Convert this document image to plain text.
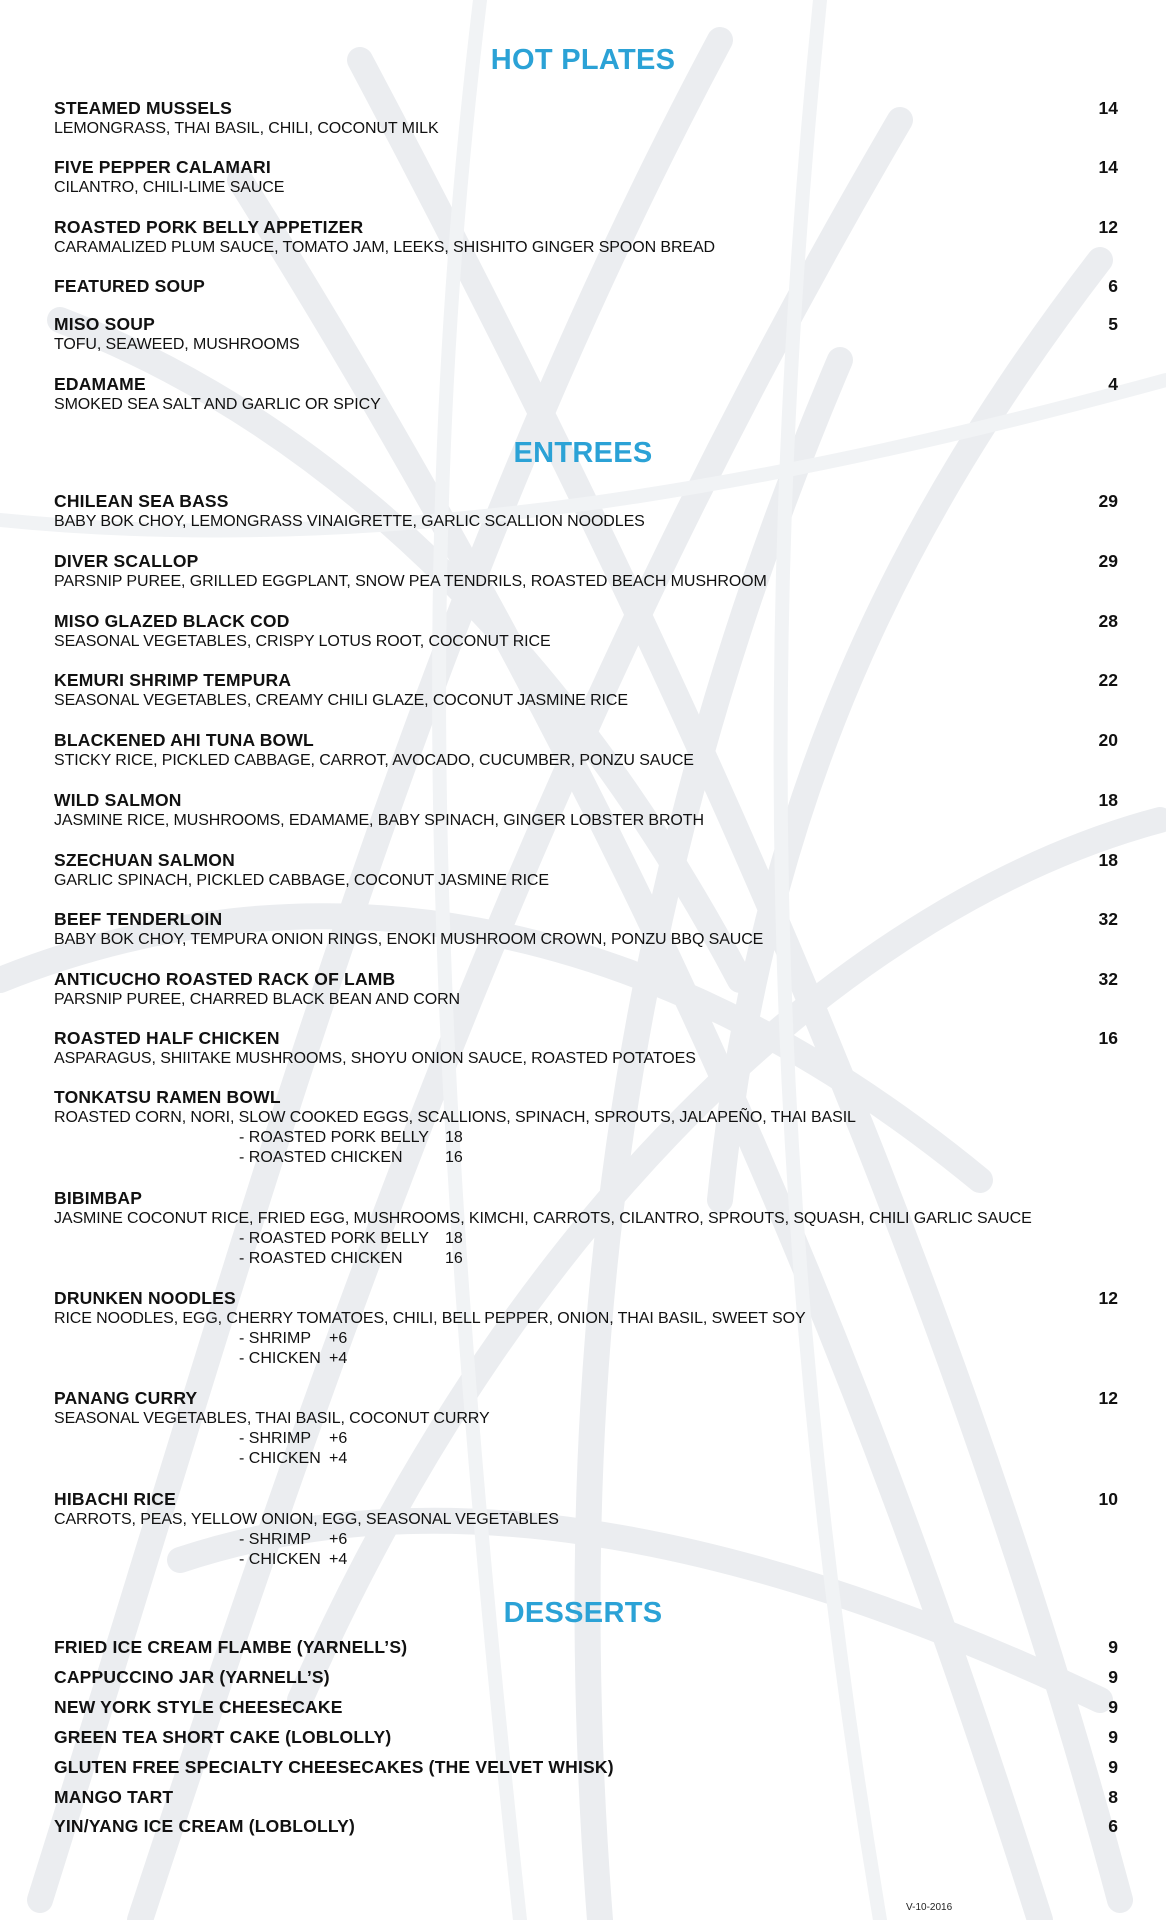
HOT PLATES
STEAMED MUSSELS	14
LEMONGRASS, THAI BASIL, CHILI, COCONUT MILK
FIVE PEPPER CALAMARI	14
CILANTRO, CHILI-LIME SAUCE
ROASTED PORK BELLY APPETIZER	12
CARAMALIZED PLUM SAUCE, TOMATO JAM, LEEKS, SHISHITO GINGER SPOON BREAD
FEATURED SOUP	6
MISO SOUP	5
TOFU, SEAWEED, MUSHROOMS
EDAMAME	4
SMOKED SEA SALT AND GARLIC OR SPICY
ENTREES
CHILEAN SEA BASS	29
BABY BOK CHOY, LEMONGRASS VINAIGRETTE, GARLIC SCALLION NOODLES
DIVER SCALLOP	29
PARSNIP PUREE, GRILLED EGGPLANT, SNOW PEA TENDRILS, ROASTED BEACH MUSHROOM
MISO GLAZED BLACK COD	28
SEASONAL VEGETABLES, CRISPY LOTUS ROOT, COCONUT RICE
KEMURI SHRIMP TEMPURA	22
SEASONAL VEGETABLES, CREAMY CHILI GLAZE, COCONUT JASMINE RICE
BLACKENED AHI TUNA BOWL	20
STICKY RICE, PICKLED CABBAGE, CARROT, AVOCADO, CUCUMBER, PONZU SAUCE
WILD SALMON	18
JASMINE RICE, MUSHROOMS, EDAMAME, BABY SPINACH, GINGER LOBSTER BROTH
SZECHUAN SALMON	18
GARLIC SPINACH, PICKLED CABBAGE, COCONUT JASMINE RICE
BEEF TENDERLOIN	32
BABY BOK CHOY, TEMPURA ONION RINGS, ENOKI MUSHROOM CROWN, PONZU BBQ SAUCE
ANTICUCHO ROASTED RACK OF LAMB	32
PARSNIP PUREE, CHARRED BLACK BEAN AND CORN
ROASTED HALF CHICKEN	16
ASPARAGUS, SHIITAKE MUSHROOMS, SHOYU ONION SAUCE, ROASTED POTATOES
TONKATSU RAMEN BOWL
ROASTED CORN, NORI, SLOW COOKED EGGS, SCALLIONS, SPINACH, SPROUTS, JALAPEÑO, THAI BASIL
- ROASTED PORK BELLY 18
- ROASTED CHICKEN	16
BIBIMBAP
JASMINE COCONUT RICE, FRIED EGG, MUSHROOMS, KIMCHI, CARROTS, CILANTRO, SPROUTS, SQUASH, CHILI GARLIC SAUCE
- ROASTED PORK BELLY 18
- ROASTED CHICKEN	16
DRUNKEN NOODLES	12
RICE NOODLES, EGG, CHERRY TOMATOES, CHILI, BELL PEPPER, ONION, THAI BASIL, SWEET SOY
- SHRIMP +6
- CHICKEN +4
PANANG CURRY	12
SEASONAL VEGETABLES, THAI BASIL, COCONUT CURRY
- SHRIMP +6
- CHICKEN +4
HIBACHI RICE	10
CARROTS, PEAS, YELLOW ONION, EGG, SEASONAL VEGETABLES
- SHRIMP +6
- CHICKEN +4
DESSERTS
FRIED ICE CREAM FLAMBE (YARNELL’S)	9
CAPPUCCINO JAR (YARNELL’S)	9
NEW YORK STYLE CHEESECAKE	9
GREEN TEA SHORT CAKE (LOBLOLLY)	9
GLUTEN FREE SPECIALTY CHEESECAKES (THE VELVET WHISK)	9
MANGO TART	8
YIN/YANG ICE CREAM (LOBLOLLY)	6
V-10-2016
